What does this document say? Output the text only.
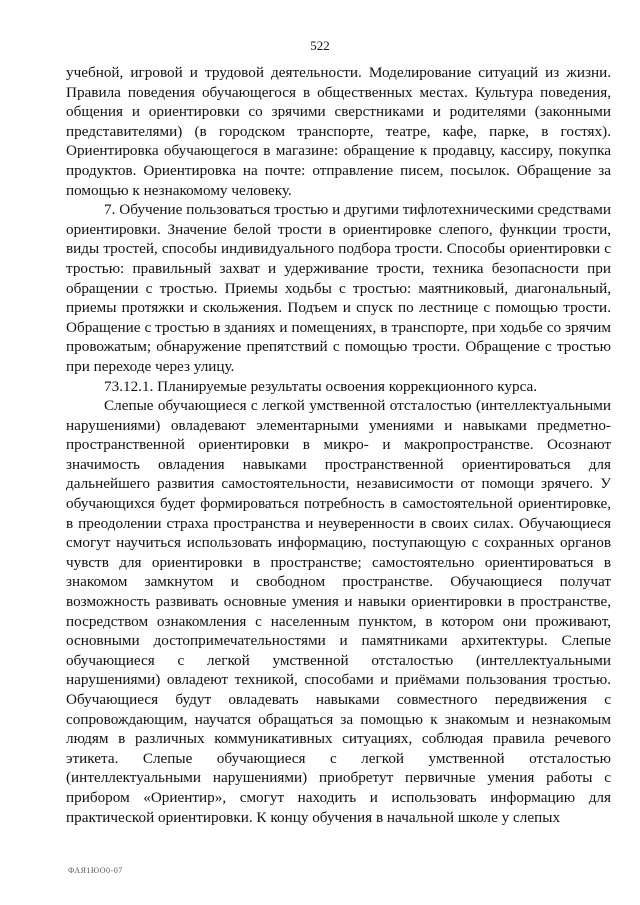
522

учебной, игровой и трудовой деятельности. Моделирование ситуаций из жизни. Правила поведения обучающегося в общественных местах. Культура поведения, общения и ориентировки со зрячими сверстниками и родителями (законными представителями) (в городском транспорте, театре, кафе, парке, в гостях). Ориентировка обучающегося в магазине: обращение к продавцу, кассиру, покупка продуктов. Ориентировка на почте: отправление писем, посылок. Обращение за помощью к незнакомому человеку.

7. Обучение пользоваться тростью и другими тифлотехническими средствами ориентировки. Значение белой трости в ориентировке слепого, функции трости, виды тростей, способы индивидуального подбора трости. Способы ориентировки с тростью: правильный захват и удерживание трости, техника безопасности при обращении с тростью. Приемы ходьбы с тростью: маятниковый, диагональный, приемы протяжки и скольжения. Подъем и спуск по лестнице с помощью трости. Обращение с тростью в зданиях и помещениях, в транспорте, при ходьбе со зрячим провожатым; обнаружение препятствий с помощью трости. Обращение с тростью при переходе через улицу.

73.12.1. Планируемые результаты освоения коррекционного курса.

Слепые обучающиеся с легкой умственной отсталостью (интеллектуальными нарушениями) овладевают элементарными умениями и навыками предметно-пространственной ориентировки в микро- и макропространстве. Осознают значимость овладения навыками пространственной ориентироваться для дальнейшего развития самостоятельности, независимости от помощи зрячего. У обучающихся будет формироваться потребность в самостоятельной ориентировке, в преодолении страха пространства и неуверенности в своих силах. Обучающиеся смогут научиться использовать информацию, поступающую с сохранных органов чувств для ориентировки в пространстве; самостоятельно ориентироваться в знакомом замкнутом и свободном пространстве. Обучающиеся получат возможность развивать основные умения и навыки ориентировки в пространстве, посредством ознакомления с населенным пунктом, в котором они проживают, основными достопримечательностями и памятниками архитектуры. Слепые обучающиеся с легкой умственной отсталостью (интеллектуальными нарушениями) овладеют техникой, способами и приёмами пользования тростью. Обучающиеся будут овладевать навыками совместного передвижения с сопровождающим, научатся обращаться за помощью к знакомым и незнакомым людям в различных коммуникативных ситуациях, соблюдая правила речевого этикета. Слепые обучающиеся с легкой умственной отсталостью (интеллектуальными нарушениями) приобретут первичные умения работы с прибором «Ориентир», смогут находить и использовать информацию для практической ориентировки. К концу обучения в начальной школе у слепых

ФАЯ1ЮО0-07
